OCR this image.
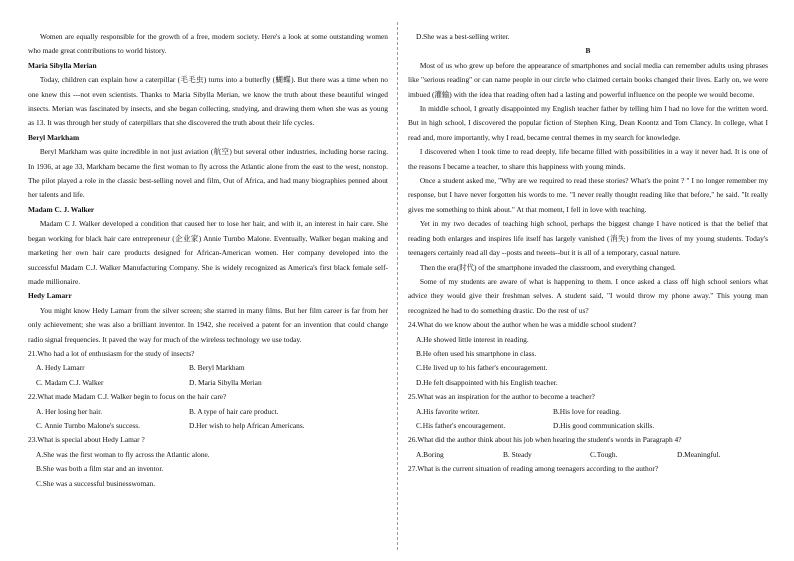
Women are equally responsible for the growth of a free, modern society. Here's a look at some outstanding women who made great contributions to world history.

Maria Sibylla Merian

Today, children can explain how a caterpillar (毛毛虫) turns into a butterfly (蝴蝶). But there was a time when no one knew this ---not even scientists. Thanks to Maria Sibylla Merian, we know the truth about these beautiful winged insects. Merian was fascinated by insects, and she began collecting, studying, and drawing them when she was as young as 13. It was through her study of caterpillars that she discovered the truth about their life cycles.

Beryl Markham

Beryl Markham was quite incredible in not just aviation (航空) but several other industries, including horse racing. In 1936, at age 33, Markham became the first woman to fly across the Atlantic alone from the east to the west, nonstop. The pilot played a role in the classic best-selling novel and film, Out of Africa, and had many biographies penned about her talents and life.

Madam C. J. Walker

Madam C J. Walker developed a condition that caused her to lose her hair, and with it, an interest in hair care. She began working for black hair care entrepreneur (企业家) Annie Turnbo Malone. Eventually, Walker began making and marketing her own hair care products designed for African-American women. Her company developed into the successful Madam C.J. Walker Manufacturing Company. She is widely recognized as America's first black female self-made millionaire.

Hedy Lamarr

You might know Hedy Lamarr from the silver screen; she starred in many films. But her film career is far from her only achievement; she was also a brilliant inventor. In 1942, she received a patent for an invention that could change radio signal frequencies. It paved the way for much of the wireless technology we use today.

21.Who had a lot of enthusiasm for the study of insects?

A. Hedy Lamarr	B. Beryl Markham
C. Madam C.J. Walker	D. Maria Sibylla Merian

22.What made Madam C.J. Walker begin to focus on the hair care?

A. Her losing her hair.	B. A type of hair care product.
C. Annie Turnbo Malone's success.	D.Her wish to help African Americans.

23.What is special about Hedy Lamar ?

A.She was the first woman to fly across the Atlantic alone.
B.She was both a film star and an inventor.
C.She was a successful businesswoman.
D.She was a best-selling writer.

B

Most of us who grew up before the appearance of smartphones and social media can remember adults using phrases like "serious reading" or can name people in our circle who claimed certain books changed their lives. Early on, we were imbued (灌输) with the idea that reading often had a lasting and powerful influence on the people we would become.

In middle school, I greatly disappointed my English teacher father by telling him I had no love for the written word. But in high school, I discovered the popular fiction of Stephen King, Dean Koontz and Tom Clancy. In college, what I read and, more importantly, why I read, became central themes in my search for knowledge.

I discovered when I took time to read deeply, life became filled with possibilities in a way it never had. It is one of the reasons I became a teacher, to share this happiness with young minds.

Once a student asked me, "Why are we required to read these stories? What's the point ? " I no longer remember my response, but I have never forgotten his words to me. "I never really thought reading like that before," he said. "It really gives me something to think about." At that moment, I fell in love with teaching.

Yet in my two decades of teaching high school, perhaps the biggest change I have noticed is that the belief that reading both enlarges and inspires life itself has largely vanished (消失) from the lives of my young students. Today's teenagers certainly read all day --posts and tweets--but it is all of a temporary, casual nature.

Then the era(时代) of the smartphone invaded the classroom, and everything changed.

Some of my students are aware of what is happening to them. I once asked a class off high school seniors what advice they would give their freshman selves. A student said, "I would throw my phone away." This young man recognized he had to do something drastic. Do the rest of us?

24.What do we know about the author when he was a middle school student?

A.He showed little interest in reading.
B.He often used his smartphone in class.
C.He lived up to his father's encouragement.
D.He felt disappointed with his English teacher.

25.What was an inspiration for the author to become a teacher?

A.His favorite writer.	B.His love for reading.
C.His father's encouragement.	D.His good communication skills.

26.What did the author think about his job when hearing the student's words in Paragraph 4?

A.Boring	B. Steady	C.Tough.	D.Meaningful.

27.What is the current situation of reading among teenagers according to the author?
